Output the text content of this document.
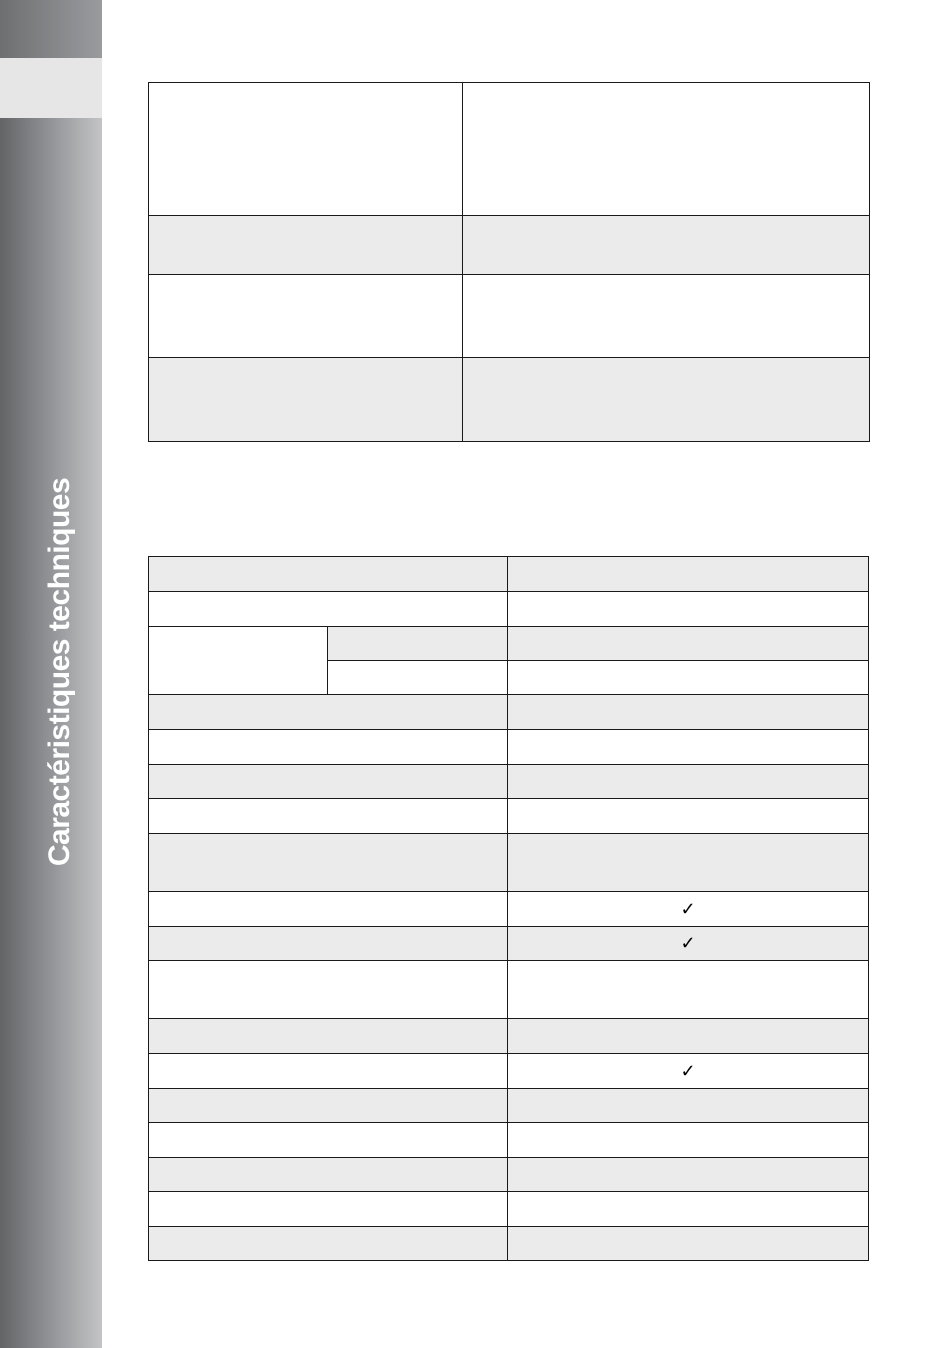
Caractéristiques techniques

		✓
		✓

		✓
